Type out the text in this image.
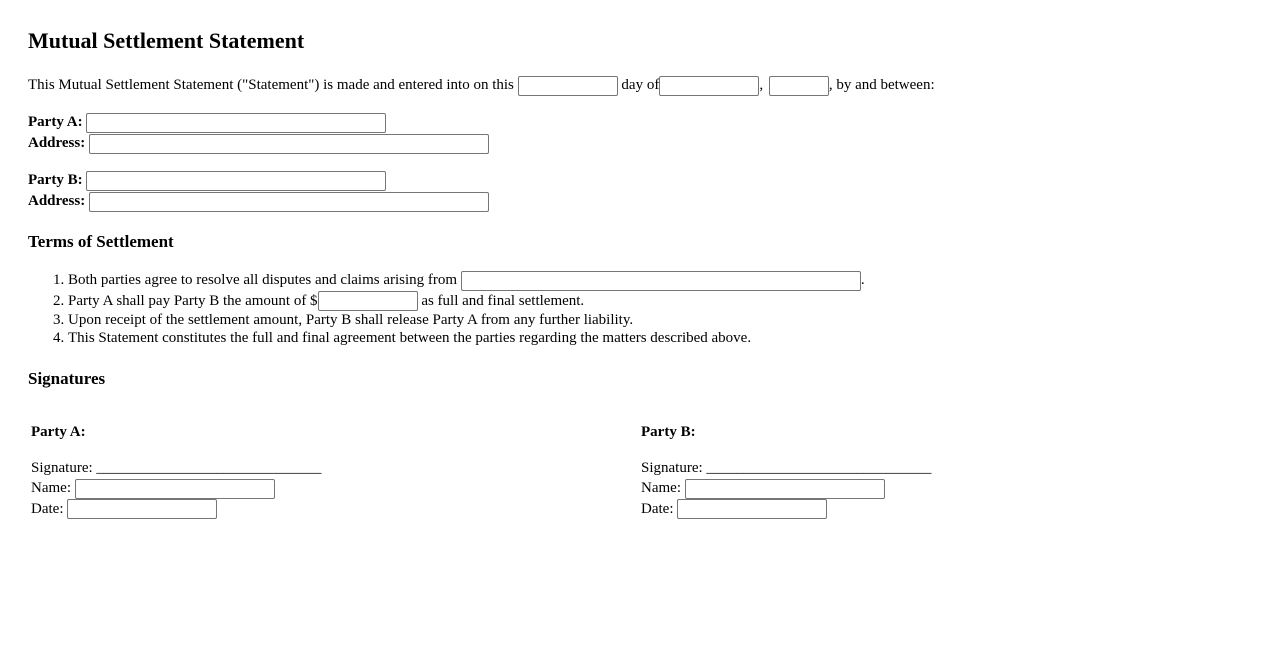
Mutual Settlement Statement
This Mutual Settlement Statement ("Statement") is made and entered into on this	day of	,	, by and between:
Party A:
Address:
Party B:
Address:
Terms of Settlement
1. Both parties agree to resolve all disputes and claims arising from	.
2. Party A shall pay Party B the amount of $	as full and final settlement.
3. Upon receipt of the settlement amount, Party B shall release Party A from any further liability.
4. This Statement constitutes the full and final agreement between the parties regarding the matters described above.
Signatures
Party A:
Signature: ______________________________
Name:
Date:
Party B:
Signature: ______________________________
Name:
Date:
